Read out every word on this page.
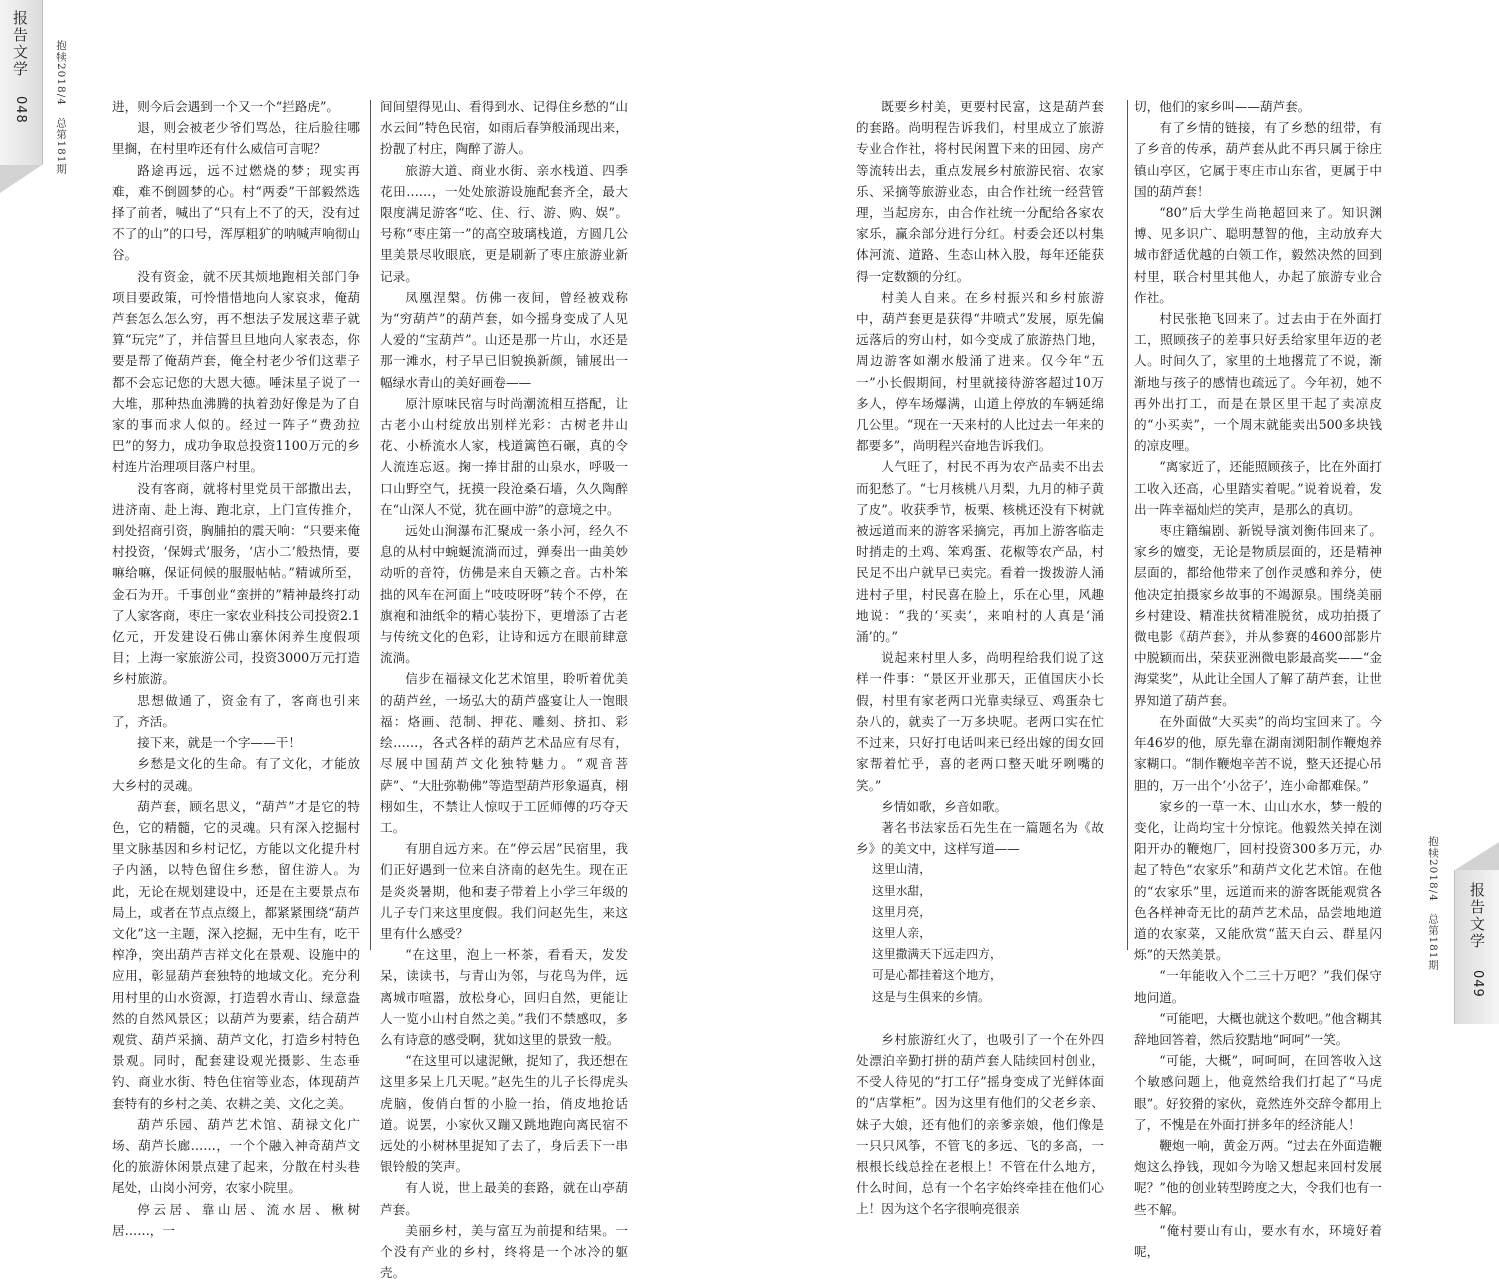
报告文学
048	抱犊2018/4　总第181期
报告文学
049
抱犊2018/4　总第181期

进，则今后会遇到一个又一个“拦路虎”。

退，则会被老少爷们骂怂，往后脸往哪里搁，在村里咋还有什么威信可言呢？

路途再远，远不过燃烧的梦；现实再难，难不倒圆梦的心。村“两委”干部毅然选择了前者，喊出了“只有上不了的天，没有过不了的山”的口号，浑厚粗犷的呐喊声响彻山谷。

没有资金，就不厌其烦地跑相关部门争项目要政策，可怜惜惜地向人家哀求，俺葫芦套怎么怎么穷，再不想法子发展这辈子就算“玩完”了，并信誓旦旦地向人家表态，你要是帮了俺葫芦套，俺全村老少爷们这辈子都不会忘记您的大恩大德。唾沫星子说了一大堆，那种热血沸腾的执着劲好像是为了自家的事而求人似的。经过一阵子“费劲拉巴”的努力，成功争取总投资1100万元的乡村连片治理项目落户村里。

没有客商，就将村里党员干部撒出去，进济南、赴上海、跑北京，上门宣传推介，到处招商引资，胸脯拍的震天响：“只要来俺村投资，‘保姆式’服务，‘店小二’般热情，要嘛给嘛，保证伺候的服服帖帖。”精诚所至，金石为开。千事创业“蛮拼的”精神最终打动了人家客商，枣庄一家农业科技公司投资2.1亿元，开发建设石佛山寨休闲养生度假项目；上海一家旅游公司，投资3000万元打造乡村旅游。

思想做通了，资金有了，客商也引来了，齐活。

接下来，就是一个字——干！

乡愁是文化的生命。有了文化，才能放大乡村的灵魂。

葫芦套，顾名思义，“葫芦”才是它的特色，它的精髓，它的灵魂。只有深入挖掘村里文脉基因和乡村记忆，方能以文化提升村子内涵，以特色留住乡愁，留住游人。为此，无论在规划建设中，还是在主要景点布局上，或者在节点点缀上，都紧紧围绕“葫芦文化”这一主题，深入挖掘，无中生有，吃干榨净，突出葫芦吉祥文化在景观、设施中的应用，彰显葫芦套独特的地域文化。充分利用村里的山水资源，打造碧水青山、绿意盎然的自然风景区；以葫芦为要素，结合葫芦观赏、葫芦采摘、葫芦文化，打造乡村特色景观。同时，配套建设观光摄影、生态垂钓、商业水街、特色住宿等业态，体现葫芦套特有的乡村之美、农耕之美、文化之美。

葫芦乐园、葫芦艺术馆、葫禄文化广场、葫芦长廊……，一个个融入神奇葫芦文化的旅游休闲景点建了起来，分散在村头巷尾处，山岗小河旁，农家小院里。

停云居、靠山居、流水居、楸树居……，一

间间望得见山、看得到水、记得住乡愁的“山水云间”特色民宿，如雨后春笋般涌现出来，扮靓了村庄，陶醉了游人。

旅游大道、商业水街、亲水栈道、四季花田……，一处处旅游设施配套齐全，最大限度满足游客“吃、住、行、游、购、娱”。号称“枣庄第一”的高空玻璃栈道，方圆几公里美景尽收眼底，更是刷新了枣庄旅游业新记录。

凤凰涅槃。仿佛一夜间，曾经被戏称为“穷葫芦”的葫芦套，如今摇身变成了人见人爱的“宝葫芦”。山还是那一片山，水还是那一滩水，村子早已旧貌换新颜，铺展出一幅绿水青山的美好画卷——

原汁原味民宿与时尚潮流相互搭配，让古老小山村绽放出别样光彩：古树老井山花、小桥流水人家，栈道篱笆石碾，真的令人流连忘返。掬一捧甘甜的山泉水，呼吸一口山野空气，抚摸一段沧桑石墙，久久陶醉在“山深人不觉，犹在画中游”的意境之中。

远处山涧瀑布汇聚成一条小河，经久不息的从村中蜿蜒流淌而过，弹奏出一曲美妙动听的音符，仿佛是来自天籁之音。古朴笨拙的风车在河面上“吱吱呀呀”转个不停，在旗袍和油纸伞的精心装扮下，更增添了古老与传统文化的色彩，让诗和远方在眼前肆意流淌。

信步在福禄文化艺术馆里，聆听着优美的葫芦丝，一场弘大的葫芦盛宴让人一饱眼福：烙画、范制、押花、雕刻、挤扣、彩绘……，各式各样的葫芦艺术品应有尽有，尽展中国葫芦文化独特魅力。“观音菩萨”、“大肚弥勒佛”等造型葫芦形象逼真，栩栩如生，不禁让人惊叹于工匠师傅的巧夺天工。

有朋自远方来。在“停云居”民宿里，我们正好遇到一位来自济南的赵先生。现在正是炎炎暑期，他和妻子带着上小学三年级的儿子专门来这里度假。我们问赵先生，来这里有什么感受？

“在这里，泡上一杯茶，看看天，发发呆，读读书，与青山为邻，与花鸟为伴，远离城市喧嚣，放松身心，回归自然，更能让人一览小山村自然之美。”我们不禁感叹，多么有诗意的感受啊，犹如这里的景致一般。

“在这里可以逮泥鳅，捉知了，我还想在这里多呆上几天呢。”赵先生的儿子长得虎头虎脑，俊俏白皙的小脸一抬，俏皮地抢话道。说罢，小家伙又蹦又跳地跑向离民宿不远处的小树林里捉知了去了，身后丢下一串银铃般的笑声。

有人说，世上最美的套路，就在山亭葫芦套。

美丽乡村，美与富互为前提和结果。一个没有产业的乡村，终将是一个冰冷的躯壳。

既要乡村美，更要村民富，这是葫芦套的套路。尚明程告诉我们，村里成立了旅游专业合作社，将村民闲置下来的田园、房产等流转出去，重点发展乡村旅游民宿、农家乐、采摘等旅游业态，由合作社统一经营管理，当起房东，由合作社统一分配给各家农家乐，赢余部分进行分红。村委会还以村集体河流、道路、生态山林入股，每年还能获得一定数额的分红。

村美人自来。在乡村振兴和乡村旅游中，葫芦套更是获得“井喷式”发展，原先偏远落后的穷山村，如今变成了旅游热门地，周边游客如潮水般涌了进来。仅今年“五一”小长假期间，村里就接待游客超过10万多人，停车场爆满，山道上停放的车辆延绵几公里。“现在一天来村的人比过去一年来的都要多”，尚明程兴奋地告诉我们。

人气旺了，村民不再为农产品卖不出去而犯愁了。“七月核桃八月梨，九月的柿子黄了皮”。收获季节，板栗、核桃还没有下树就被远道而来的游客采摘完，再加上游客临走时捎走的土鸡、笨鸡蛋、花椒等农产品，村民足不出户就早已卖完。看着一拨拨游人涌进村子里，村民喜在脸上，乐在心里，风趣地说：“我的‘买卖’，来咱村的人真是‘涌涌’的。”

说起来村里人多，尚明程给我们说了这样一件事：“景区开业那天，正值国庆小长假，村里有家老两口光靠卖绿豆、鸡蛋杂七杂八的，就卖了一万多块呢。老两口实在忙不过来，只好打电话叫来已经出嫁的闺女回家帮着忙乎，喜的老两口整天呲牙咧嘴的笑。”

乡情如歌，乡音如歌。

著名书法家岳石先生在一篇题名为《故乡》的美文中，这样写道——

这里山清，

这里水甜，

这里月亮，

这里人亲，

这里撒满天下远走四方，

可是心都挂着这个地方，

这是与生俱来的乡情。

乡村旅游红火了，也吸引了一个在外四处漂泊辛勤打拼的葫芦套人陆续回村创业，不受人待见的“打工仔”摇身变成了光鲜体面的“店掌柜”。因为这里有他们的父老乡亲、妹子大娘，还有他们的亲爹亲娘，他们像是一只只风筝，不管飞的多远、飞的多高，一根根长线总拴在老根上！不管在什么地方，什么时间，总有一个名字始终牵挂在他们心上！因为这个名字很响亮很亲

切，他们的家乡叫——葫芦套。

有了乡情的链接，有了乡愁的纽带，有了乡音的传承，葫芦套从此不再只属于徐庄镇山亭区，它属于枣庄市山东省，更属于中国的葫芦套！

“80”后大学生尚艳超回来了。知识渊博、见多识广、聪明慧智的他，主动放弃大城市舒适优越的白领工作，毅然决然的回到村里，联合村里其他人，办起了旅游专业合作社。

村民张艳飞回来了。过去由于在外面打工，照顾孩子的差事只好丢给家里年迈的老人。时间久了，家里的土地撂荒了不说，渐渐地与孩子的感情也疏远了。今年初，她不再外出打工，而是在景区里干起了卖凉皮的“小买卖”，一个周末就能卖出500多块钱的凉皮哩。

“离家近了，还能照顾孩子，比在外面打工收入还高，心里踏实着呢。”说着说着，发出一阵幸福灿烂的笑声，是那么的真切。

枣庄籍编剧、新锐导演刘衡伟回来了。家乡的嬗变，无论是物质层面的，还是精神层面的，都给他带来了创作灵感和养分，使他决定拍摄家乡故事的不竭源泉。围绕美丽乡村建设、精准扶贫精准脱贫，成功拍摄了微电影《葫芦套》，并从参赛的4600部影片中脱颖而出，荣获亚洲微电影最高奖——“金海棠奖”，从此让全国人了解了葫芦套，让世界知道了葫芦套。

在外面做“大买卖”的尚均宝回来了。今年46岁的他，原先靠在湖南浏阳制作鞭炮养家糊口。“制作鞭炮辛苦不说，整天还提心吊胆的，万一出个‘小岔子’，连小命都难保。”

家乡的一草一木、山山水水，梦一般的变化，让尚均宝十分惊诧。他毅然关掉在浏阳开办的鞭炮厂，回村投资300多万元，办起了特色“农家乐”和葫芦文化艺术馆。在他的“农家乐”里，远道而来的游客既能观赏各色各样神奇无比的葫芦艺术品，品尝地地道道的农家菜，又能欣赏“蓝天白云、群星闪烁”的天然美景。

“一年能收入个二三十万吧？”我们保守地问道。

“可能吧，大概也就这个数吧。”他含糊其辞地回答着，然后狡黠地“呵呵”一笑。

“可能，大概”，呵呵呵，在回答收入这个敏感问题上，他竟然给我们打起了“马虎眼”。好狡猾的家伙，竟然连外交辞令都用上了，不愧是在外面打拼多年的经济能人！

鞭炮一响，黄金万两。“过去在外面造鞭炮这么挣钱，现如今为啥又想起来回村发展呢？”他的创业转型跨度之大，令我们也有一些不解。

“俺村要山有山，要水有水，环境好着呢，
